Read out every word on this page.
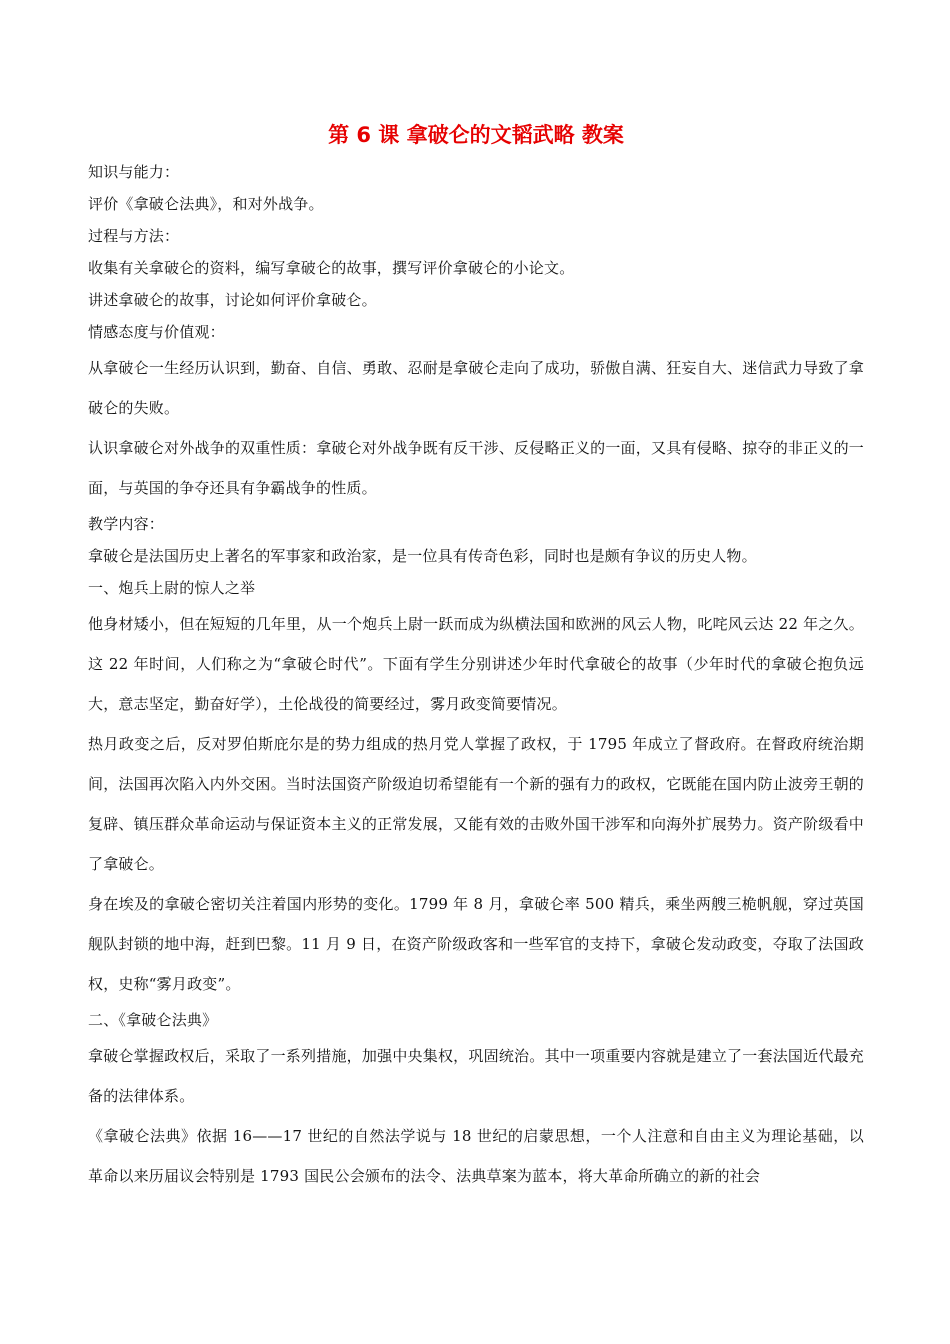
第 6 课 拿破仑的文韬武略 教案

知识与能力：

评价《拿破仑法典》，和对外战争。

过程与方法：

收集有关拿破仑的资料，编写拿破仑的故事，撰写评价拿破仑的小论文。

讲述拿破仑的故事，讨论如何评价拿破仑。

情感态度与价值观：

从拿破仑一生经历认识到，勤奋、自信、勇敢、忍耐是拿破仑走向了成功，骄傲自满、狂妄自大、迷信武力导致了拿破仑的失败。

认识拿破仑对外战争的双重性质：拿破仑对外战争既有反干涉、反侵略正义的一面，又具有侵略、掠夺的非正义的一面，与英国的争夺还具有争霸战争的性质。

教学内容：

拿破仑是法国历史上著名的军事家和政治家，是一位具有传奇色彩，同时也是颇有争议的历史人物。

一、炮兵上尉的惊人之举

他身材矮小，但在短短的几年里，从一个炮兵上尉一跃而成为纵横法国和欧洲的风云人物，叱咤风云达 22 年之久。这 22 年时间，人们称之为“拿破仑时代”。下面有学生分别讲述少年时代拿破仑的故事（少年时代的拿破仑抱负远大，意志坚定，勤奋好学），土伦战役的简要经过，雾月政变简要情况。

热月政变之后，反对罗伯斯庇尔是的势力组成的热月党人掌握了政权，于 1795 年成立了督政府。在督政府统治期间，法国再次陷入内外交困。当时法国资产阶级迫切希望能有一个新的强有力的政权，它既能在国内防止波旁王朝的复辟、镇压群众革命运动与保证资本主义的正常发展，又能有效的击败外国干涉军和向海外扩展势力。资产阶级看中了拿破仑。

身在埃及的拿破仑密切关注着国内形势的变化。1799 年 8 月，拿破仑率 500 精兵，乘坐两艘三桅帆舰，穿过英国舰队封锁的地中海，赶到巴黎。11 月 9 日，在资产阶级政客和一些军官的支持下，拿破仑发动政变，夺取了法国政权，史称“雾月政变”。

二、《拿破仑法典》

拿破仑掌握政权后，采取了一系列措施，加强中央集权，巩固统治。其中一项重要内容就是建立了一套法国近代最充备的法律体系。

《拿破仑法典》依据 16——17 世纪的自然法学说与 18 世纪的启蒙思想，一个人注意和自由主义为理论基础，以革命以来历届议会特别是 1793 国民公会颁布的法令、法典草案为蓝本，将大革命所确立的新的社会
